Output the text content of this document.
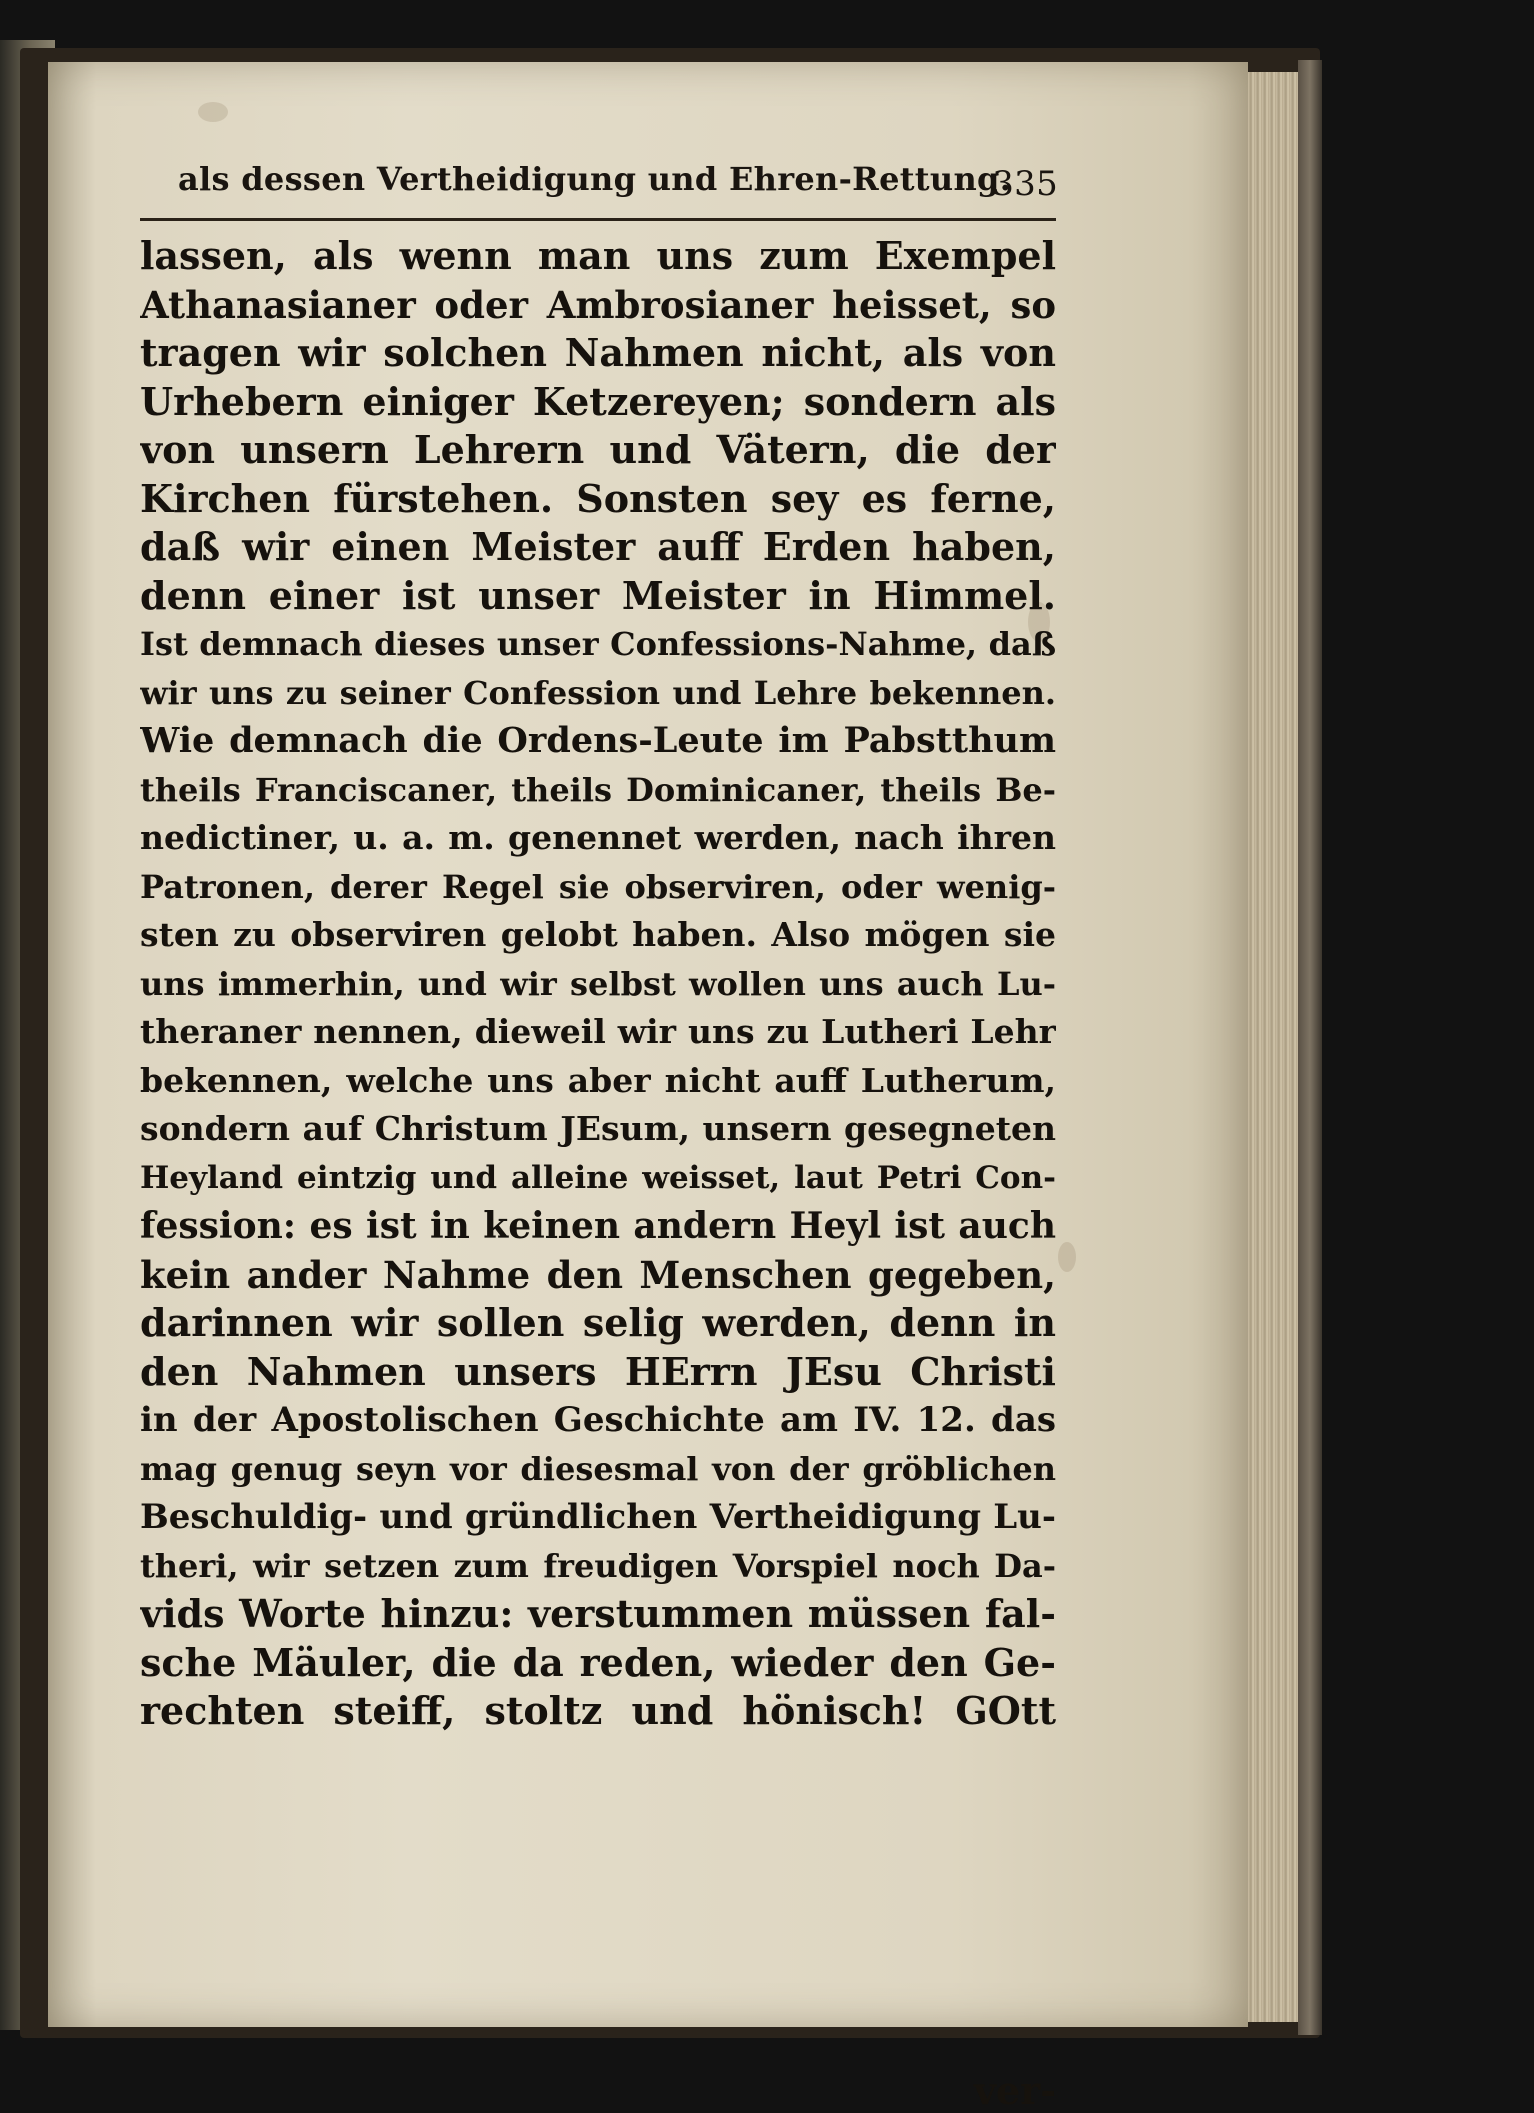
als dessen Vertheidigung und Ehren-Rettung.
335
lassen, als wenn man uns zum Exempel
Athanasianer oder Ambrosianer heisset, so
tragen wir solchen Nahmen nicht, als von
Urhebern einiger Ketzereyen; sondern als
von unsern Lehrern und Vätern, die der
Kirchen fürstehen. Sonsten sey es ferne,
daß wir einen Meister auff Erden haben,
denn einer ist unser Meister in Himmel.
Ist demnach dieses unser Confessions-Nahme, daß
wir uns zu seiner Confession und Lehre bekennen.
Wie demnach die Ordens-Leute im Pabstthum
theils Franciscaner, theils Dominicaner, theils Be-
nedictiner, u. a. m. genennet werden, nach ihren
Patronen, derer Regel sie observiren, oder wenig-
sten zu observiren gelobt haben. Also mögen sie
uns immerhin, und wir selbst wollen uns auch Lu-
theraner nennen, dieweil wir uns zu Lutheri Lehr
bekennen, welche uns aber nicht auff Lutherum,
sondern auf Christum JEsum, unsern gesegneten
Heyland eintzig und alleine weisset, laut Petri Con-
fession: es ist in keinen andern Heyl ist auch
kein ander Nahme den Menschen gegeben,
darinnen wir sollen selig werden, denn in
den Nahmen unsers HErrn JEsu Christi
in der Apostolischen Geschichte am IV. 12. das
mag genug seyn vor diesesmal von der gröblichen
Beschuldig- und gründlichen Vertheidigung Lu-
theri, wir setzen zum freudigen Vorspiel noch Da-
vids Worte hinzu: verstummen müssen fal-
sche Mäuler, die da reden, wieder den Ge-
rechten steiff, stoltz und hönisch! GOtt
ver-
